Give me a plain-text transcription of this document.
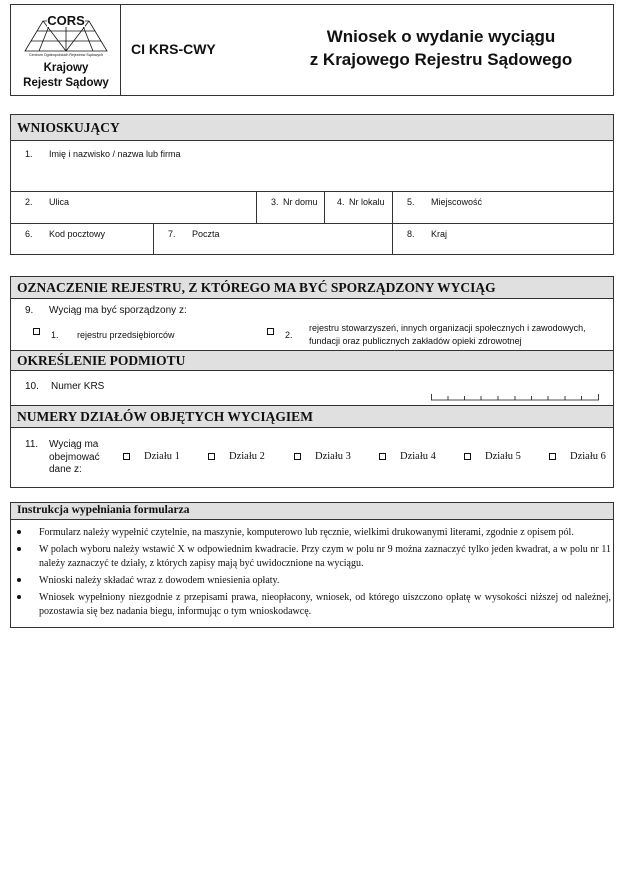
CORS
Centrum Ogólnopolskich Rejestrów Sądowych
Krajowy
Rejestr Sądowy
CI KRS-CWY
Wniosek o wydanie wyciągu
z Krajowego Rejestru Sądowego
WNIOSKUJĄCY
1. Imię i nazwisko / nazwa lub firma
2. Ulica	3. Nr domu 4. Nr lokalu 5. Miejscowość
6. Kod pocztowy	7. Poczta	8. Kraj
OZNACZENIE REJESTRU, Z KTÓREGO MA BYĆ SPORZĄDZONY WYCIĄG
9. Wyciąg ma być sporządzony z:
1. rejestru przedsiębiorców	2.
rejestru stowarzyszeń, innych organizacji społecznych i zawodowych,
fundacji oraz publicznych zakładów opieki zdrowotnej
OKREŚLENIE PODMIOTU
10. Numer KRS
NUMERY DZIAŁÓW OBJĘTYCH WYCIĄGIEM
11. Wyciąg ma
obejmować
dane z:
Działu 1	Działu 2	Działu 3	Działu 4	Działu 5	Działu 6
Instrukcja wypełniania formularza
Formularz należy wypełnić czytelnie, na maszynie, komputerowo lub ręcznie, wielkimi drukowanymi literami, zgodnie z opisem pól.
W polach wyboru należy wstawić X w odpowiednim kwadracie. Przy czym w polu nr 9 można zaznaczyć tylko jeden kwadrat, a w polu nr 11 należy zaznaczyć te działy, z których zapisy mają być uwidocznione na wyciągu.
Wnioski należy składać wraz z dowodem wniesienia opłaty.
Wniosek wypełniony niezgodnie z przepisami prawa, nieopłacony, wniosek, od którego uiszczono opłatę w wysokości niższej od należnej, pozostawia się bez nadania biegu, informując o tym wnioskodawcę.
